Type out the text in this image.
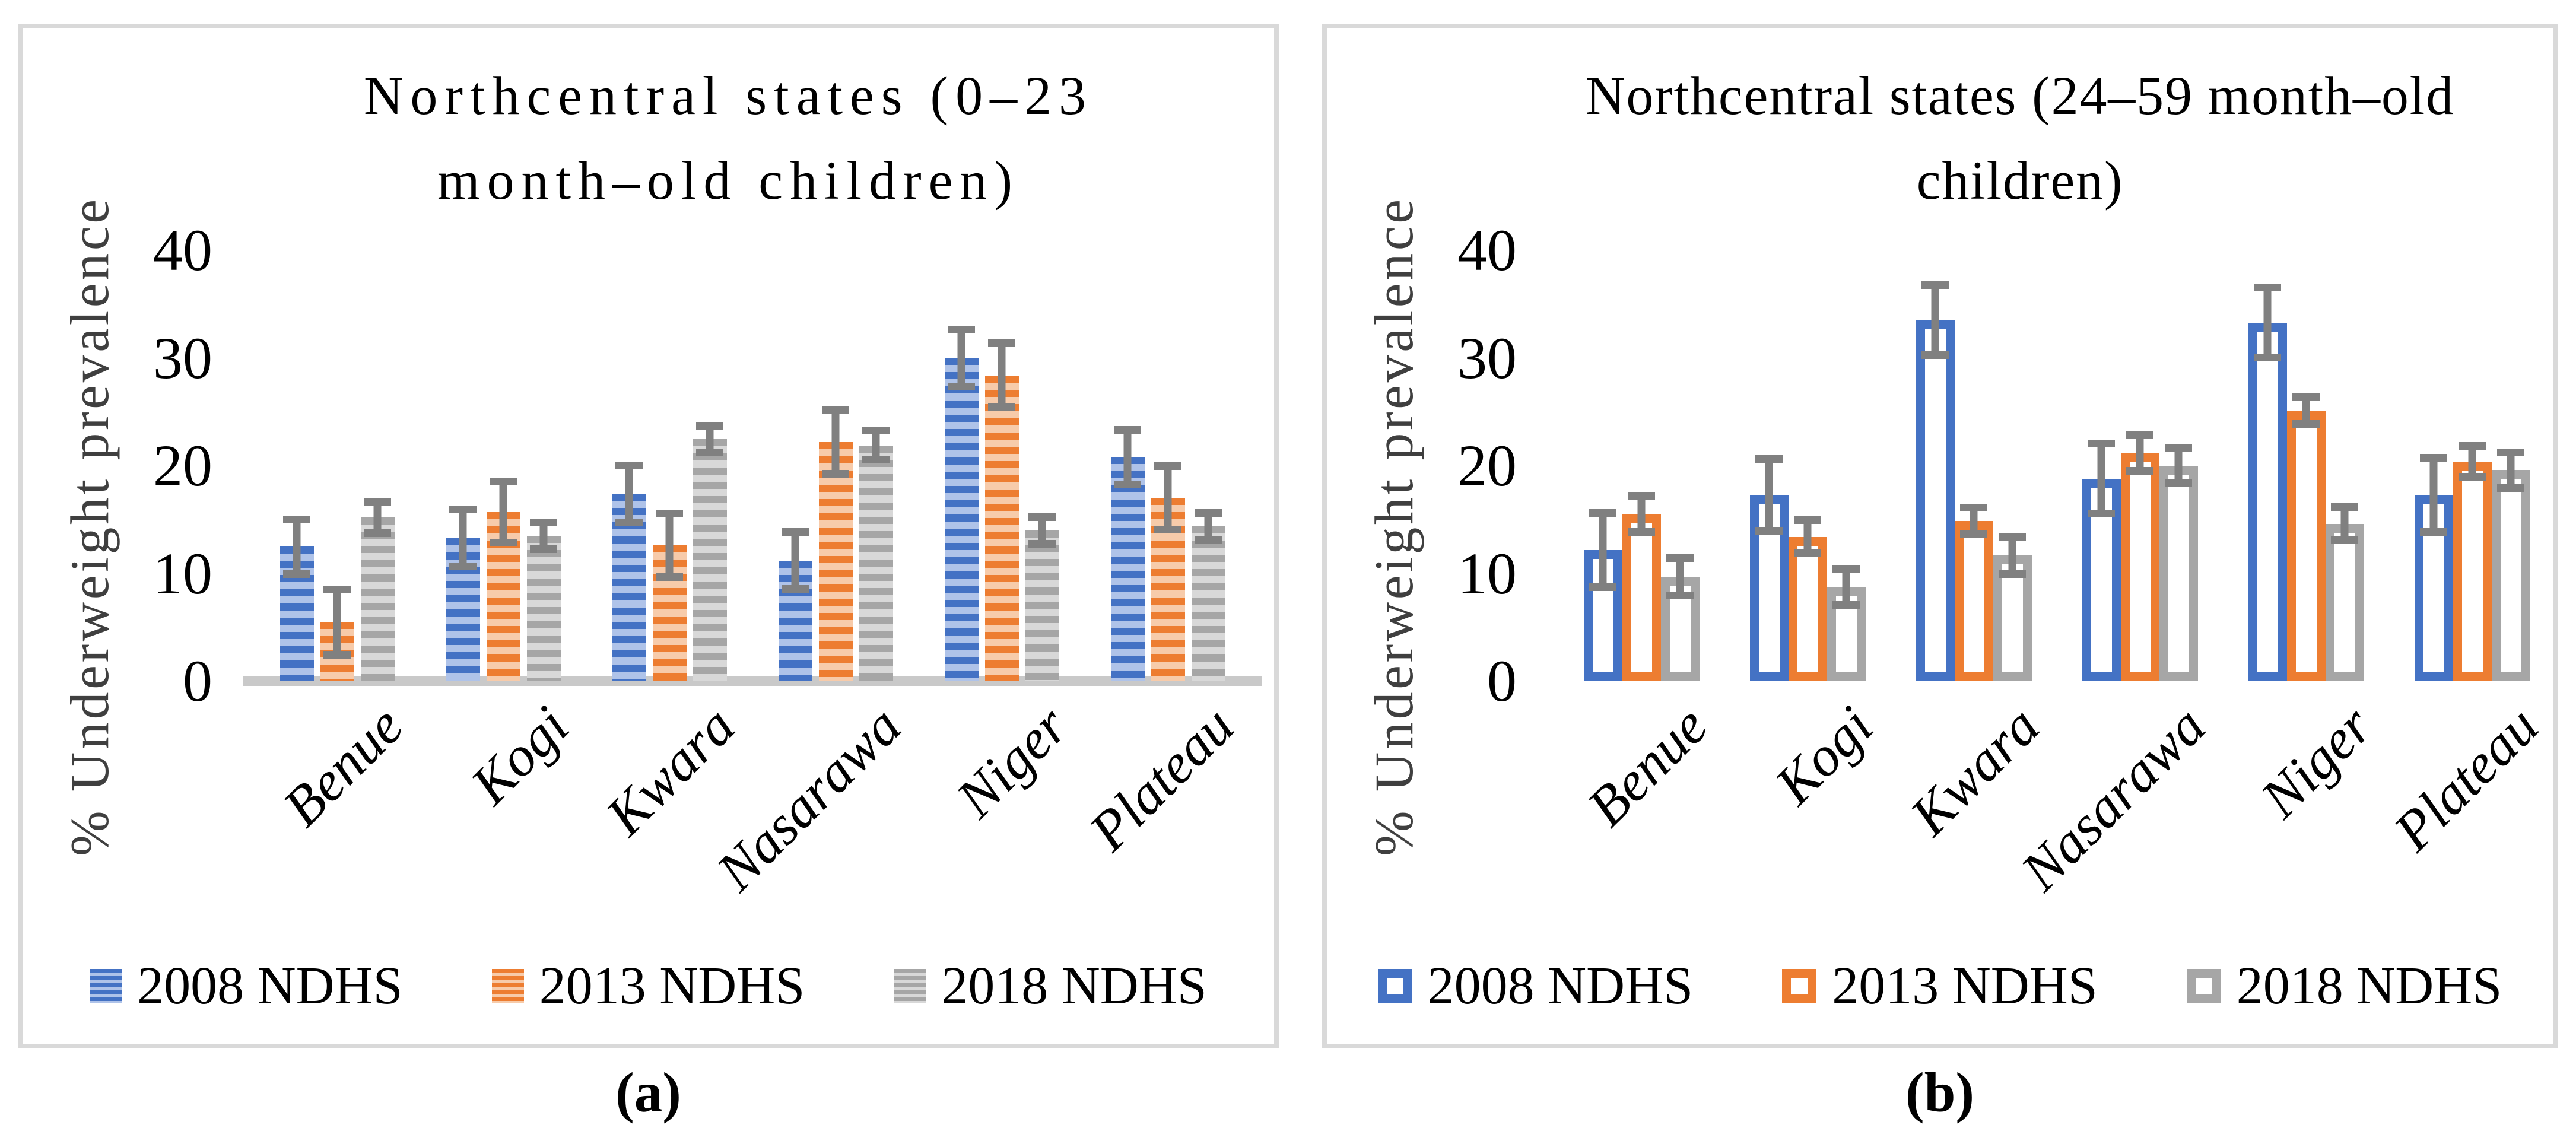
Northcentral states (0–23
month–old children)
% Underweight prevalence	0
10
20
30
40
Benue Kogi Kwara
Nasarawa Niger
Plateau
2008 NDHS	2013 NDHS	2018 NDHS
Northcentral states (24–59 month–old
children)
% Underweight prevalence	0
10
20
30
40
Benue Kogi Kwara
Nasarawa Niger
Plateau
2008 NDHS	2013 NDHS	2018 NDHS
(a)	(b)
